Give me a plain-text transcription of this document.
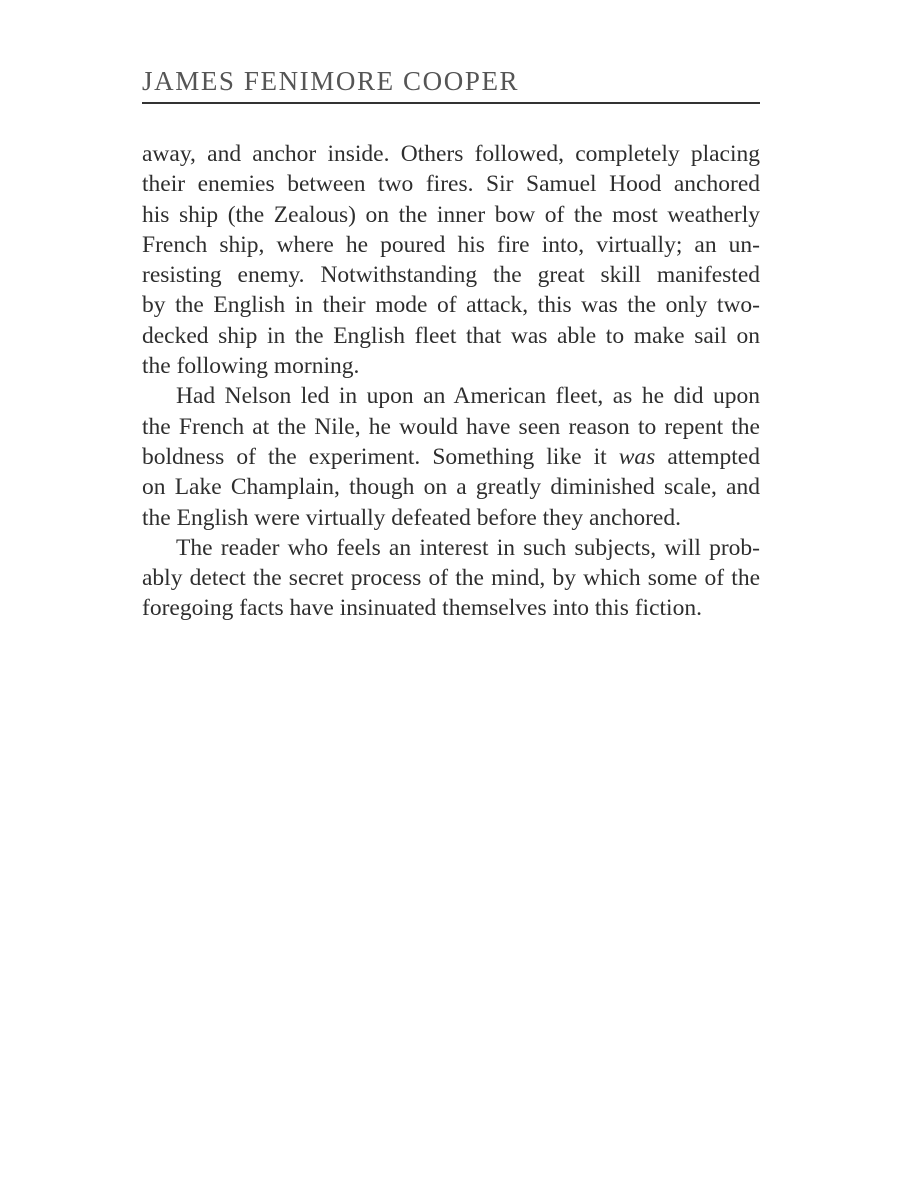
JAMES FENIMORE COOPER
away, and anchor inside. Others followed, completely placing
their enemies between two fires. Sir Samuel Hood anchored
his ship (the Zealous) on the inner bow of the most weatherly
French ship, where he poured his fire into, virtually; an un-
resisting enemy. Notwithstanding the great skill manifested
by the English in their mode of attack, this was the only two-
decked ship in the English fleet that was able to make sail on
the following morning.
Had Nelson led in upon an American fleet, as he did upon
the French at the Nile, he would have seen reason to repent the
boldness of the experiment. Something like it was attempted
on Lake Champlain, though on a greatly diminished scale, and
the English were virtually defeated before they anchored.
The reader who feels an interest in such subjects, will prob-
ably detect the secret process of the mind, by which some of the
foregoing facts have insinuated themselves into this fiction.
